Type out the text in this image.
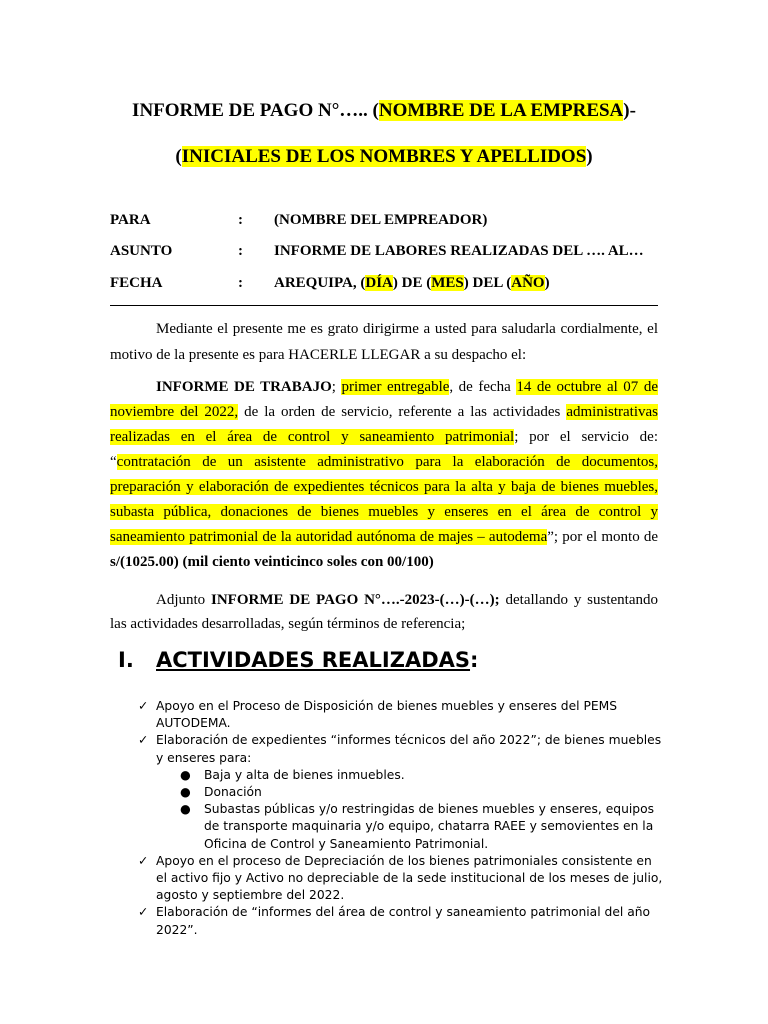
INFORME DE PAGO N°….. (NOMBRE DE LA EMPRESA)-
(INICIALES DE LOS NOMBRES Y APELLIDOS)
PARA	: (NOMBRE DEL EMPREADOR)
ASUNTO	: INFORME DE LABORES REALIZADAS DEL …. AL…
FECHA	: AREQUIPA, (DÍA) DE (MES) DEL (AÑO)
Mediante el presente me es grato dirigirme a usted para saludarla cordialmente, el motivo de la presente es para HACERLE LLEGAR a su despacho el:
INFORME DE TRABAJO; primer entregable, de fecha 14 de octubre al 07 de noviembre del 2022, de la orden de servicio, referente a las actividades administrativas realizadas en el área de control y saneamiento patrimonial; por el servicio de: “contratación de un asistente administrativo para la elaboración de documentos, preparación y elaboración de expedientes técnicos para la alta y baja de bienes muebles, subasta pública, donaciones de bienes muebles y enseres en el área de control y saneamiento patrimonial de la autoridad autónoma de majes – autodema”; por el monto de s/(1025.00) (mil ciento veinticinco soles con 00/100)
Adjunto INFORME DE PAGO N°….-2023-(…)-(…); detallando y sustentando las actividades desarrolladas, según términos de referencia;
I. ACTIVIDADES REALIZADAS:
✓ Apoyo en el Proceso de Disposición de bienes muebles y enseres del PEMS AUTODEMA.
✓ Elaboración de expedientes “informes técnicos del año 2022”; de bienes muebles y enseres para:
● Baja y alta de bienes inmuebles.
● Donación
● Subastas públicas y/o restringidas de bienes muebles y enseres, equipos de transporte maquinaria y/o equipo, chatarra RAEE y semovientes en la Oficina de Control y Saneamiento Patrimonial.
✓ Apoyo en el proceso de Depreciación de los bienes patrimoniales consistente en el activo fijo y Activo no depreciable de la sede institucional de los meses de julio, agosto y septiembre del 2022.
✓ Elaboración de “informes del área de control y saneamiento patrimonial del año 2022”.
